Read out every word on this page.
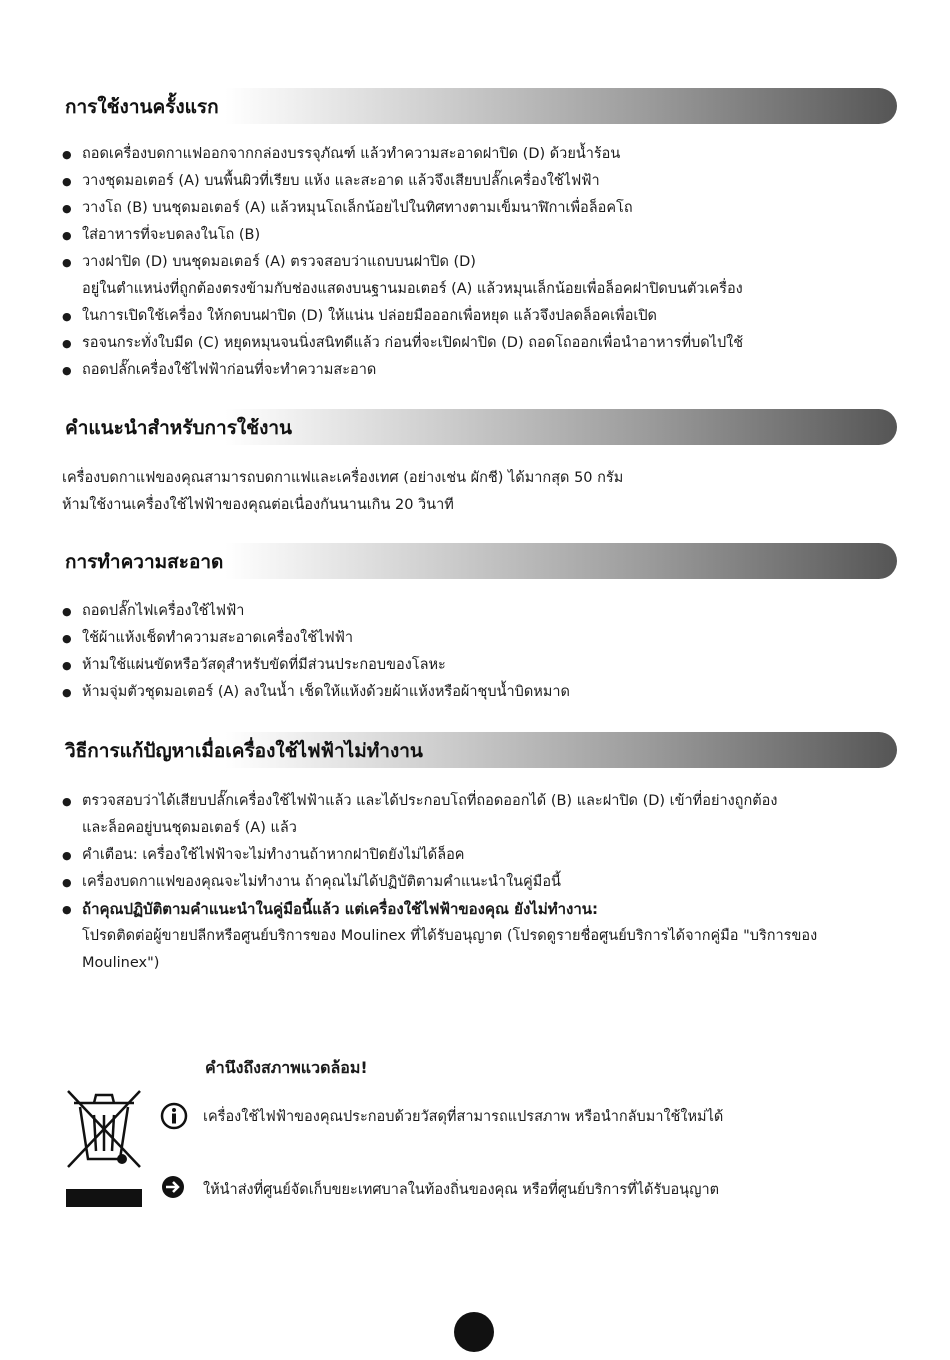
การใช้งานครั้งแรก
● ถอดเครื่องบดกาแฟออกจากกล่องบรรจุภัณฑ์ แล้วทำความสะอาดฝาปิด (D) ด้วยน้ำร้อน
● วางชุดมอเตอร์ (A) บนพื้นผิวที่เรียบ แห้ง และสะอาด แล้วจึงเสียบปลั๊กเครื่องใช้ไฟฟ้า
● วางโถ (B) บนชุดมอเตอร์ (A) แล้วหมุนโถเล็กน้อยไปในทิศทางตามเข็มนาฬิกาเพื่อล็อคโถ
● ใส่อาหารที่จะบดลงในโถ (B)
● วางฝาปิด (D) บนชุดมอเตอร์ (A) ตรวจสอบว่าแถบบนฝาปิด (D)
อยู่ในตำแหน่งที่ถูกต้องตรงข้ามกับช่องแสดงบนฐานมอเตอร์ (A) แล้วหมุนเล็กน้อยเพื่อล็อคฝาปิดบนตัวเครื่อง
● ในการเปิดใช้เครื่อง ให้กดบนฝาปิด (D) ให้แน่น ปล่อยมือออกเพื่อหยุด แล้วจึงปลดล็อคเพื่อเปิด
● รอจนกระทั่งใบมีด (C) หยุดหมุนจนนิ่งสนิทดีแล้ว ก่อนที่จะเปิดฝาปิด (D) ถอดโถออกเพื่อนำอาหารที่บดไปใช้
● ถอดปลั๊กเครื่องใช้ไฟฟ้าก่อนที่จะทำความสะอาด
คำแนะนำสำหรับการใช้งาน
เครื่องบดกาแฟของคุณสามารถบดกาแฟและเครื่องเทศ (อย่างเช่น ผักชี) ได้มากสุด 50 กรัม
ห้ามใช้งานเครื่องใช้ไฟฟ้าของคุณต่อเนื่องกันนานเกิน 20 วินาที
การทำความสะอาด
● ถอดปลั๊กไฟเครื่องใช้ไฟฟ้า
● ใช้ผ้าแห้งเช็ดทำความสะอาดเครื่องใช้ไฟฟ้า
● ห้ามใช้แผ่นขัดหรือวัสดุสำหรับขัดที่มีส่วนประกอบของโลหะ
● ห้ามจุ่มตัวชุดมอเตอร์ (A) ลงในน้ำ เช็ดให้แห้งด้วยผ้าแห้งหรือผ้าชุบน้ำบิดหมาด
วิธีการแก้ปัญหาเมื่อเครื่องใช้ไฟฟ้าไม่ทำงาน
● ตรวจสอบว่าได้เสียบปลั๊กเครื่องใช้ไฟฟ้าแล้ว และได้ประกอบโถที่ถอดออกได้ (B) และฝาปิด (D) เข้าที่อย่างถูกต้อง
และล็อคอยู่บนชุดมอเตอร์ (A) แล้ว
● คำเตือน: เครื่องใช้ไฟฟ้าจะไม่ทำงานถ้าหากฝาปิดยังไม่ได้ล็อค
● เครื่องบดกาแฟของคุณจะไม่ทำงาน ถ้าคุณไม่ได้ปฏิบัติตามคำแนะนำในคู่มือนี้
● ถ้าคุณปฏิบัติตามคำแนะนำในคู่มือนี้แล้ว แต่เครื่องใช้ไฟฟ้าของคุณ ยังไม่ทำงาน:
โปรดติดต่อผู้ขายปลีกหรือศูนย์บริการของ Moulinex ที่ได้รับอนุญาต (โปรดดูรายชื่อศูนย์บริการได้จากคู่มือ "บริการของ
Moulinex")
คำนึงถึงสภาพแวดล้อม!
เครื่องใช้ไฟฟ้าของคุณประกอบด้วยวัสดุที่สามารถแปรสภาพ หรือนำกลับมาใช้ใหม่ได้
ให้นำส่งที่ศูนย์จัดเก็บขยะเทศบาลในท้องถิ่นของคุณ หรือที่ศูนย์บริการที่ได้รับอนุญาต
